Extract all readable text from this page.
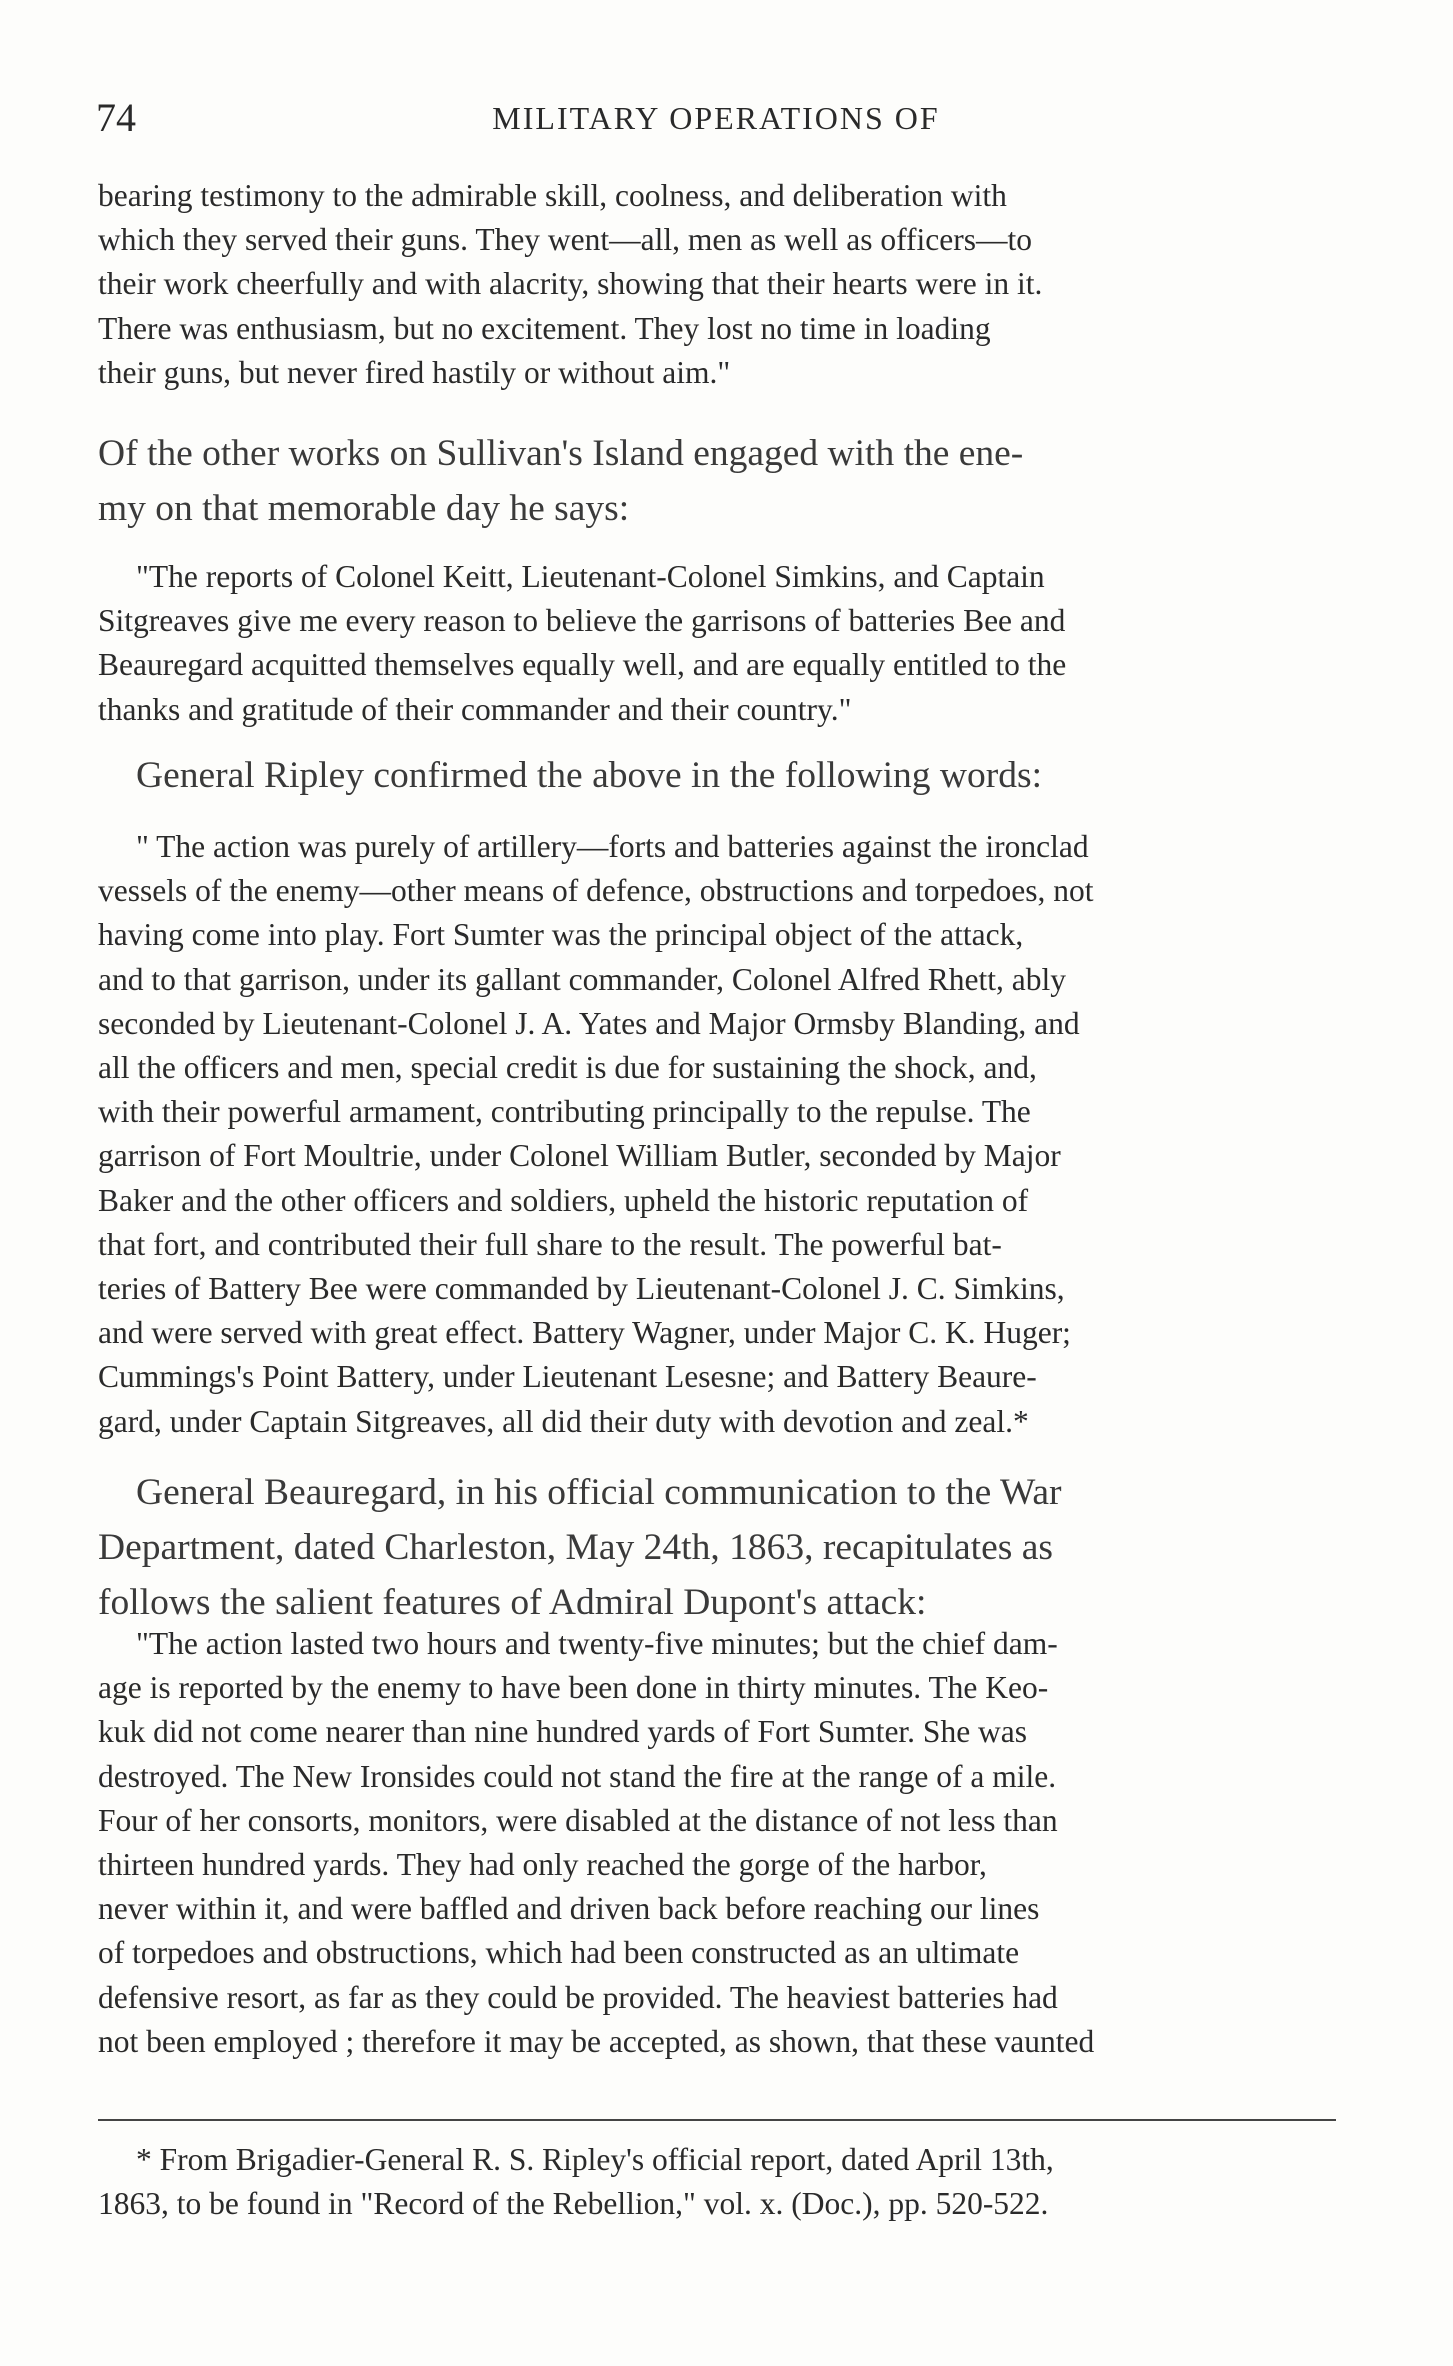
74	MILITARY OPERATIONS OF
bearing testimony to the admirable skill, coolness, and deliberation with
which they served their guns. They went—all, men as well as officers—to
their work cheerfully and with alacrity, showing that their hearts were in it.
There was enthusiasm, but no excitement. They lost no time in loading
their guns, but never fired hastily or without aim."
Of the other works on Sullivan's Island engaged with the ene-
my on that memorable day he says:
"The reports of Colonel Keitt, Lieutenant-Colonel Simkins, and Captain
Sitgreaves give me every reason to believe the garrisons of batteries Bee and
Beauregard acquitted themselves equally well, and are equally entitled to the
thanks and gratitude of their commander and their country."
General Ripley confirmed the above in the following words:
" The action was purely of artillery—forts and batteries against the ironclad
vessels of the enemy—other means of defence, obstructions and torpedoes, not
having come into play. Fort Sumter was the principal object of the attack,
and to that garrison, under its gallant commander, Colonel Alfred Rhett, ably
seconded by Lieutenant-Colonel J. A. Yates and Major Ormsby Blanding, and
all the officers and men, special credit is due for sustaining the shock, and,
with their powerful armament, contributing principally to the repulse. The
garrison of Fort Moultrie, under Colonel William Butler, seconded by Major
Baker and the other officers and soldiers, upheld the historic reputation of
that fort, and contributed their full share to the result. The powerful bat-
teries of Battery Bee were commanded by Lieutenant-Colonel J. C. Simkins,
and were served with great effect. Battery Wagner, under Major C. K. Huger;
Cummings's Point Battery, under Lieutenant Lesesne; and Battery Beaure-
gard, under Captain Sitgreaves, all did their duty with devotion and zeal.*
General Beauregard, in his official communication to the War
Department, dated Charleston, May 24th, 1863, recapitulates as
follows the salient features of Admiral Dupont's attack:
"The action lasted two hours and twenty-five minutes; but the chief dam-
age is reported by the enemy to have been done in thirty minutes. The Keo-
kuk did not come nearer than nine hundred yards of Fort Sumter. She was
destroyed. The New Ironsides could not stand the fire at the range of a mile.
Four of her consorts, monitors, were disabled at the distance of not less than
thirteen hundred yards. They had only reached the gorge of the harbor,
never within it, and were baffled and driven back before reaching our lines
of torpedoes and obstructions, which had been constructed as an ultimate
defensive resort, as far as they could be provided. The heaviest batteries had
not been employed ; therefore it may be accepted, as shown, that these vaunted
* From Brigadier-General R. S. Ripley's official report, dated April 13th,
1863, to be found in "Record of the Rebellion," vol. x. (Doc.), pp. 520-522.
